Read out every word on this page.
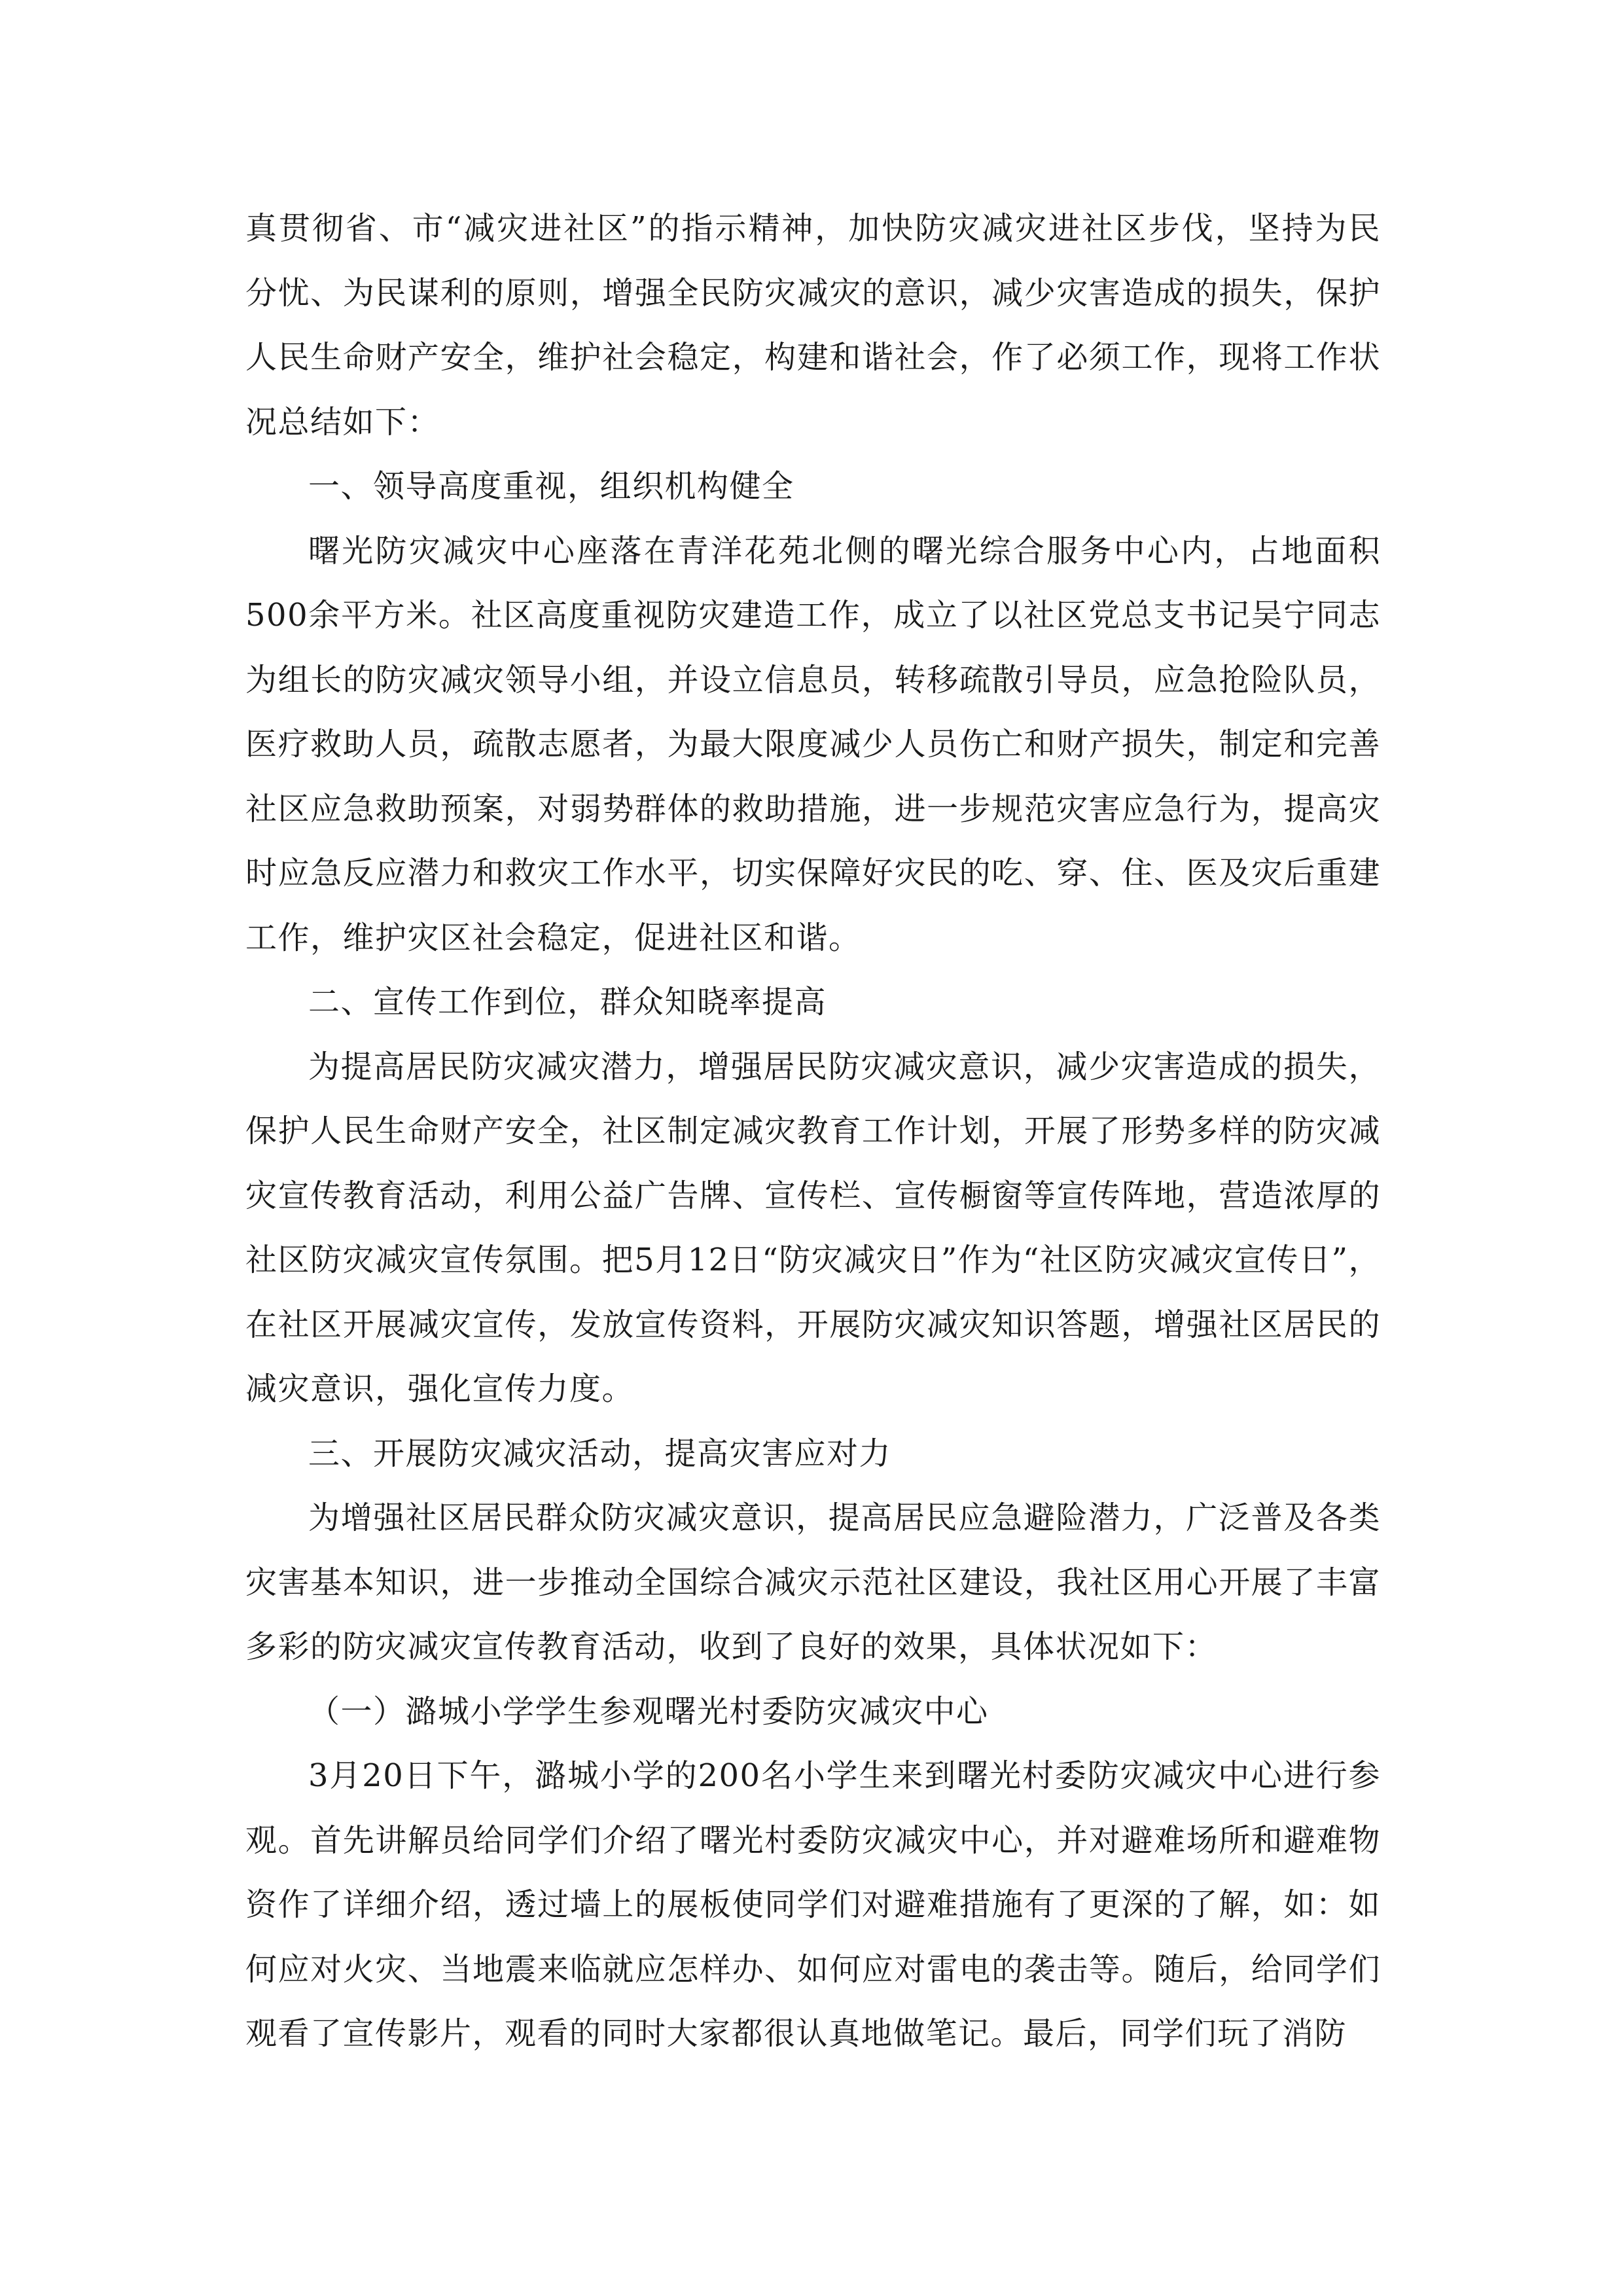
真贯彻省、市“减灾进社区”的指示精神，加快防灾减灾进社区步伐，坚持为民分忧、为民谋利的原则，增强全民防灾减灾的意识，减少灾害造成的损失，保护人民生命财产安全，维护社会稳定，构建和谐社会，作了必须工作，现将工作状况总结如下：

一、领导高度重视，组织机构健全

曙光防灾减灾中心座落在青洋花苑北侧的曙光综合服务中心内，占地面积500余平方米。社区高度重视防灾建造工作，成立了以社区党总支书记吴宁同志为组长的防灾减灾领导小组，并设立信息员，转移疏散引导员，应急抢险队员，医疗救助人员，疏散志愿者，为最大限度减少人员伤亡和财产损失，制定和完善社区应急救助预案，对弱势群体的救助措施，进一步规范灾害应急行为，提高灾时应急反应潜力和救灾工作水平，切实保障好灾民的吃、穿、住、医及灾后重建工作，维护灾区社会稳定，促进社区和谐。

二、宣传工作到位，群众知晓率提高

为提高居民防灾减灾潜力，增强居民防灾减灾意识，减少灾害造成的损失，保护人民生命财产安全，社区制定减灾教育工作计划，开展了形势多样的防灾减灾宣传教育活动，利用公益广告牌、宣传栏、宣传橱窗等宣传阵地，营造浓厚的社区防灾减灾宣传氛围。把5月12日“防灾减灾日”作为“社区防灾减灾宣传日”，在社区开展减灾宣传，发放宣传资料，开展防灾减灾知识答题，增强社区居民的减灾意识，强化宣传力度。

三、开展防灾减灾活动，提高灾害应对力

为增强社区居民群众防灾减灾意识，提高居民应急避险潜力，广泛普及各类灾害基本知识，进一步推动全国综合减灾示范社区建设，我社区用心开展了丰富多彩的防灾减灾宣传教育活动，收到了良好的效果，具体状况如下：

（一）潞城小学学生参观曙光村委防灾减灾中心

3月20日下午，潞城小学的200名小学生来到曙光村委防灾减灾中心进行参观。首先讲解员给同学们介绍了曙光村委防灾减灾中心，并对避难场所和避难物资作了详细介绍，透过墙上的展板使同学们对避难措施有了更深的了解，如：如何应对火灾、当地震来临就应怎样办、如何应对雷电的袭击等。随后，给同学们观看了宣传影片，观看的同时大家都很认真地做笔记。最后，同学们玩了消防
